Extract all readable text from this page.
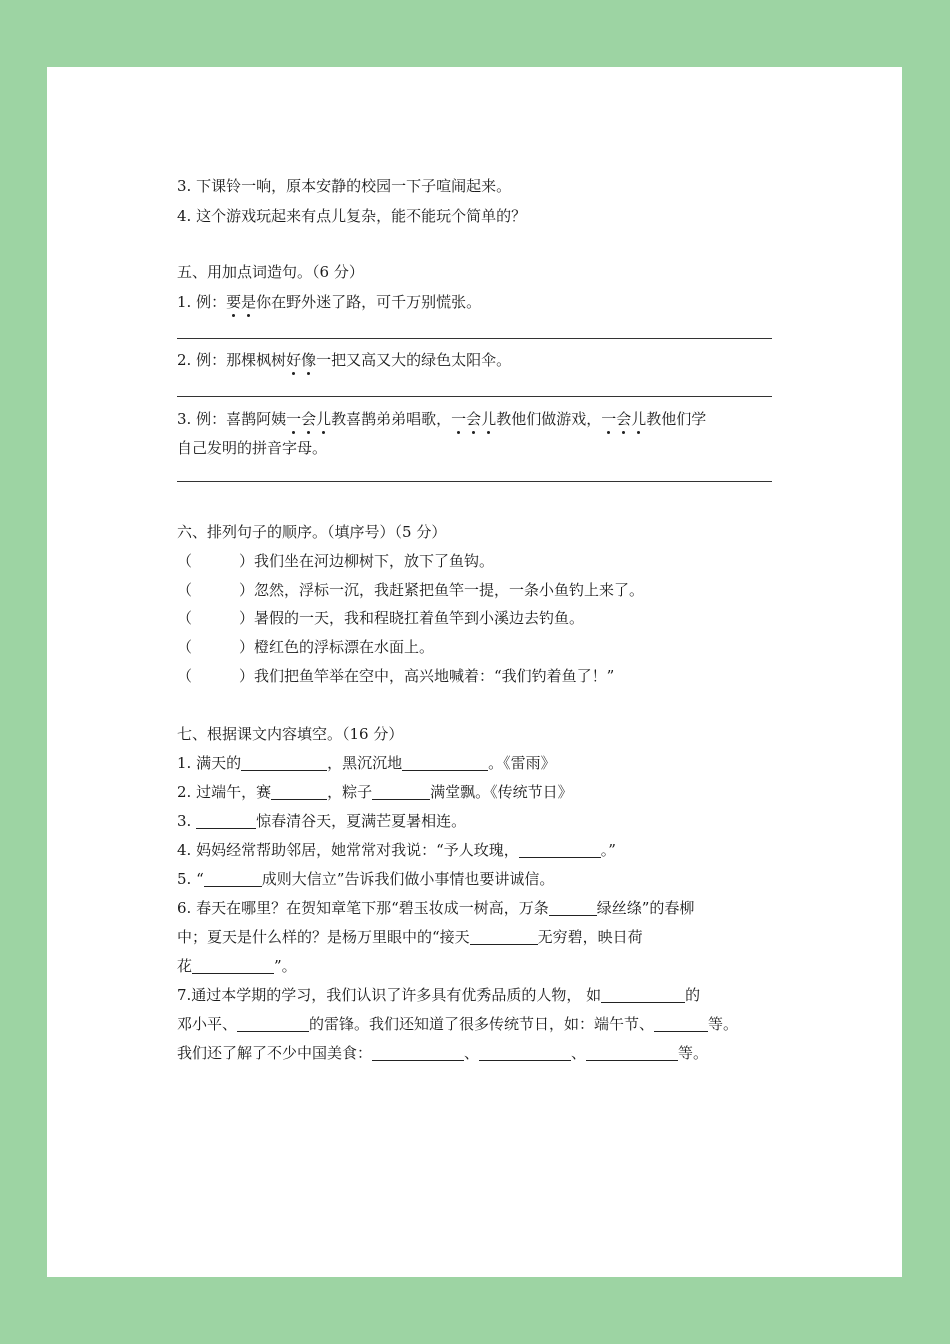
3. 下课铃一响，原本安静的校园一下子喧闹起来。
4. 这个游戏玩起来有点儿复杂，能不能玩个简单的？
五、用加点词造句。（6 分）
1. 例：要是你在野外迷了路，可千万别慌张。
2. 例：那棵枫树好像一把又高又大的绿色太阳伞。
3. 例：喜鹊阿姨一会儿教喜鹊弟弟唱歌，一会儿教他们做游戏，一会儿教他们学
自己发明的拼音字母。
六、排列句子的顺序。（填序号）（5 分）
（	）我们坐在河边柳树下，放下了鱼钩。
（	）忽然，浮标一沉，我赶紧把鱼竿一提，一条小鱼钓上来了。
（	）暑假的一天，我和程晓扛着鱼竿到小溪边去钓鱼。
（	）橙红色的浮标漂在水面上。
（	）我们把鱼竿举在空中，高兴地喊着：“我们钓着鱼了！”
七、根据课文内容填空。（16 分）
1. 满天的	，黑沉沉地	。《雷雨》
2. 过端午，赛	，粽子	满堂飘。《传统节日》
3.	惊春清谷天，夏满芒夏暑相连。
4. 妈妈经常帮助邻居，她常常对我说：“予人玫瑰，	。”
5. “	成则大信立”告诉我们做小事情也要讲诚信。
6. 春天在哪里？在贺知章笔下那“碧玉妆成一树高，万条	绿丝绦”的春柳
中；夏天是什么样的？是杨万里眼中的“接天	无穷碧，映日荷
花	”。
7.通过本学期的学习，我们认识了许多具有优秀品质的人物， 如	的
邓小平、	的雷锋。我们还知道了很多传统节日，如：端午节、	等。
我们还了解了不少中国美食：	、	、	等。
